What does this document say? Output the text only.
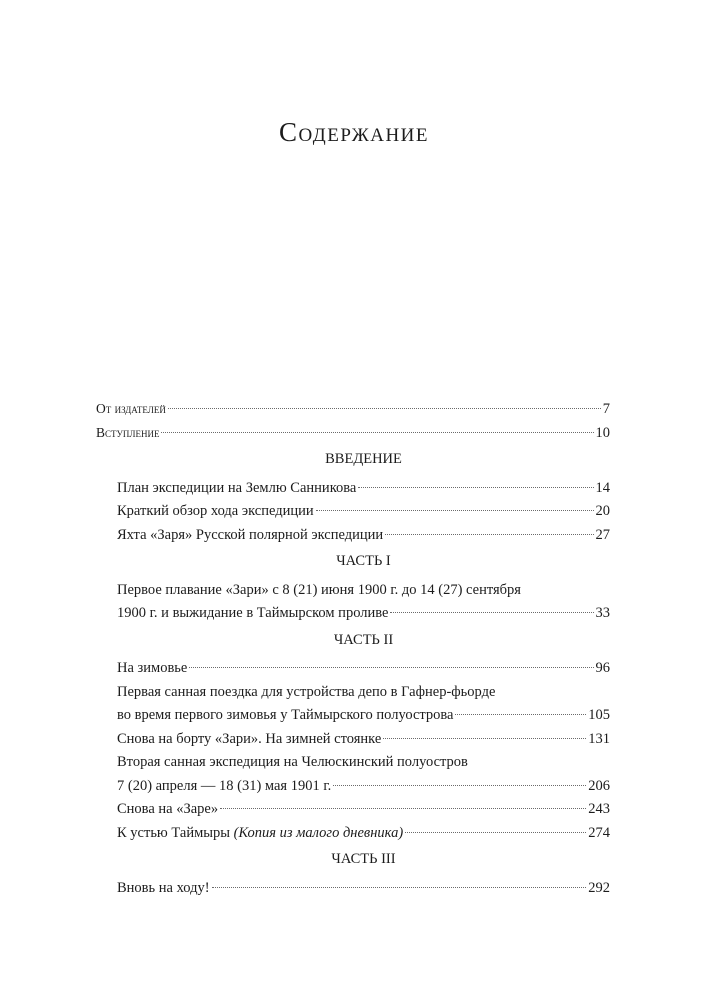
Содержание
От издателей	7
Вступление	10
ВВЕДЕНИЕ
План экспедиции на Землю Санникова	14
Краткий обзор хода экспедиции	20
Яхта «Заря» Русской полярной экспедиции	27
ЧАСТЬ I
Первое плавание «Зари» с 8 (21) июня 1900 г. до 14 (27) сентября
1900 г. и выжидание в Таймырском проливе	33
ЧАСТЬ II
На зимовье	96
Первая санная поездка для устройства депо в Гафнер-фьорде
во время первого зимовья у Таймырского полуострова	105
Снова на борту «Зари». На зимней стоянке	131
Вторая санная экспедиция на Челюскинский полуостров
7 (20) апреля — 18 (31) мая 1901 г.	206
Снова на «Заре»	243
К устью Таймыры (Копия из малого дневника)	274
ЧАСТЬ III
Вновь на ходу!	292
